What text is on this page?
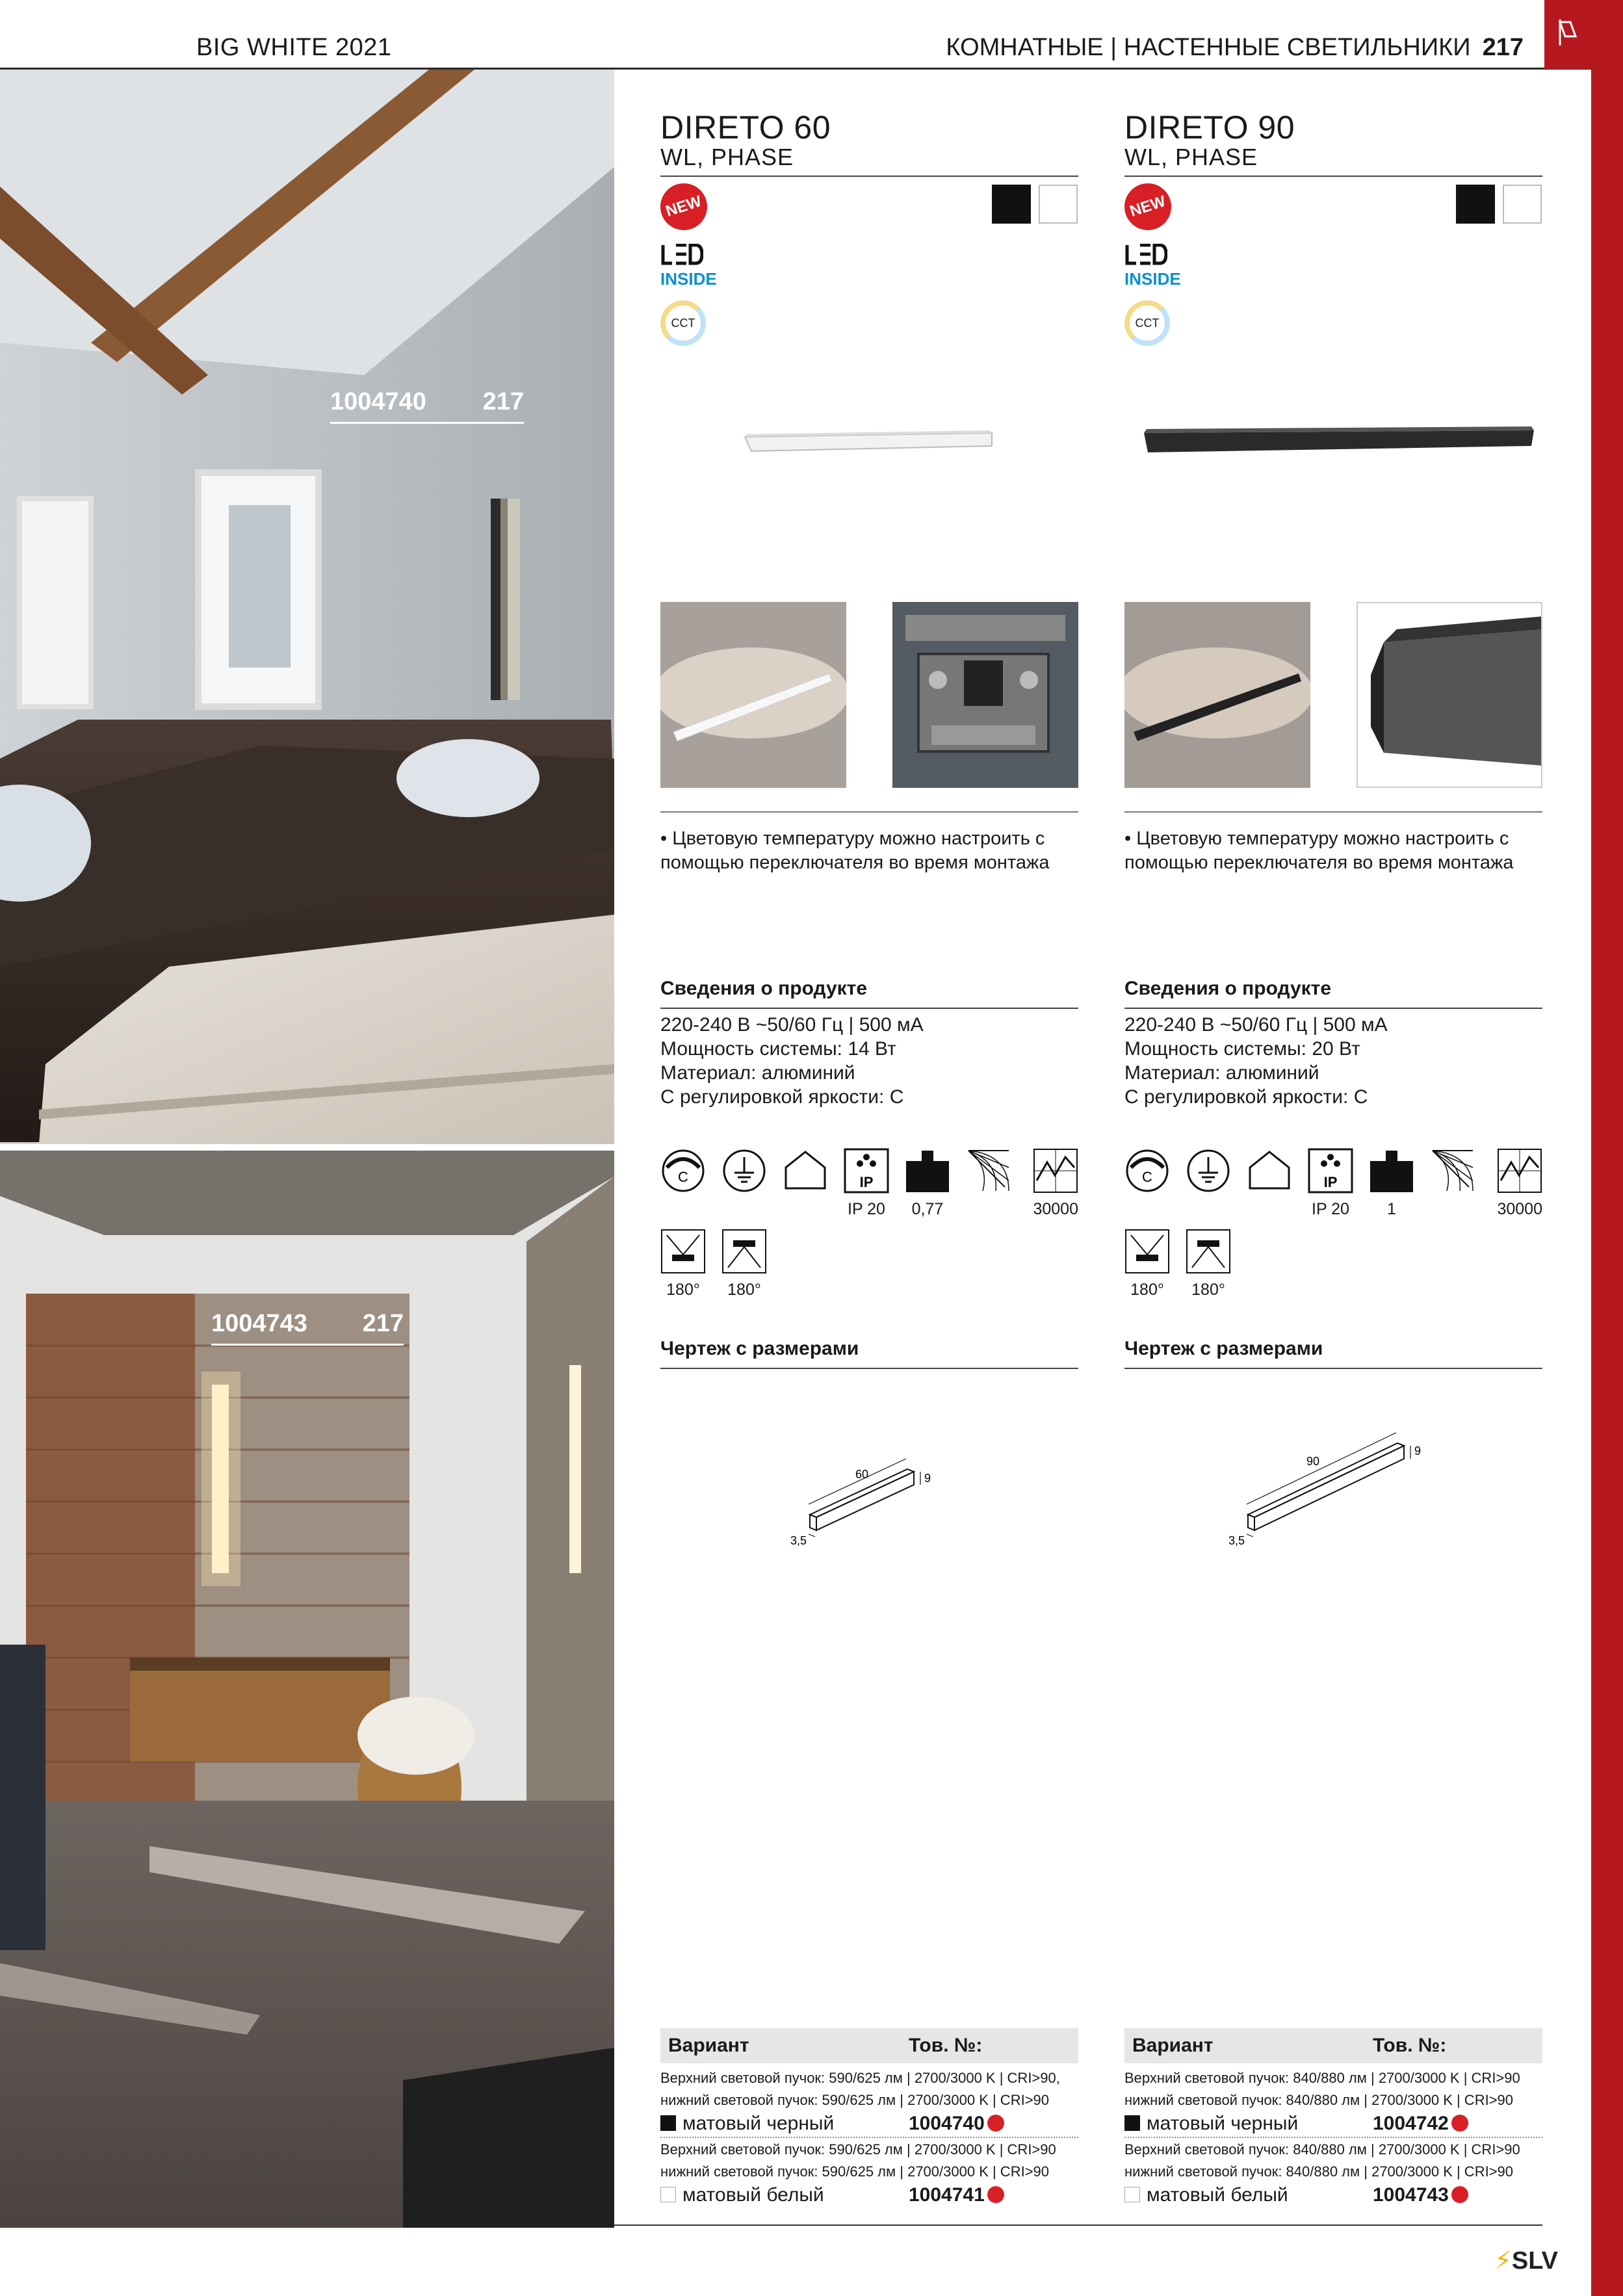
BIG WHITE 2021	КОМНАТНЫЕ | НАСТЕННЫЕ СВЕТИЛЬНИКИ 217
1004740 217
1004743 217
DIRETO 60
WL, PHASE
NEW
INSIDE
CCT
• Цветовую температуру можно настроить с помощью переключателя во время монтажа
Сведения о продукте
220-240 В ~50/60 Гц | 500 мА
Мощность системы: 14 Вт
Материал: алюминий
С регулировкой яркости: С
C	IP
IP 20	0,77	30000
180°	180°
Чертеж с размерами
60	9
3,5
Вариант	Тов. №:
Верхний световой пучок: 590/625 лм | 2700/3000 K | CRI>90,
нижний световой пучок: 590/625 лм | 2700/3000 K | CRI>90
матовый черный	1004740
Верхний световой пучок: 590/625 лм | 2700/3000 K | CRI>90
нижний световой пучок: 590/625 лм | 2700/3000 K | CRI>90
матовый белый	1004741
DIRETO 90
WL, PHASE
NEW
INSIDE
CCT
• Цветовую температуру можно настроить с помощью переключателя во время монтажа
Сведения о продукте
220-240 В ~50/60 Гц | 500 мА
Мощность системы: 20 Вт
Материал: алюминий
С регулировкой яркости: С
C	IP
IP 20	1	30000
180°	180°
Чертеж с размерами
90
9
3,5
Вариант	Тов. №:
Верхний световой пучок: 840/880 лм | 2700/3000 K | CRI>90
нижний световой пучок: 840/880 лм | 2700/3000 K | CRI>90
матовый черный	1004742
Верхний световой пучок: 840/880 лм | 2700/3000 K | CRI>90
нижний световой пучок: 840/880 лм | 2700/3000 K | CRI>90
матовый белый	1004743
⚡SLV
